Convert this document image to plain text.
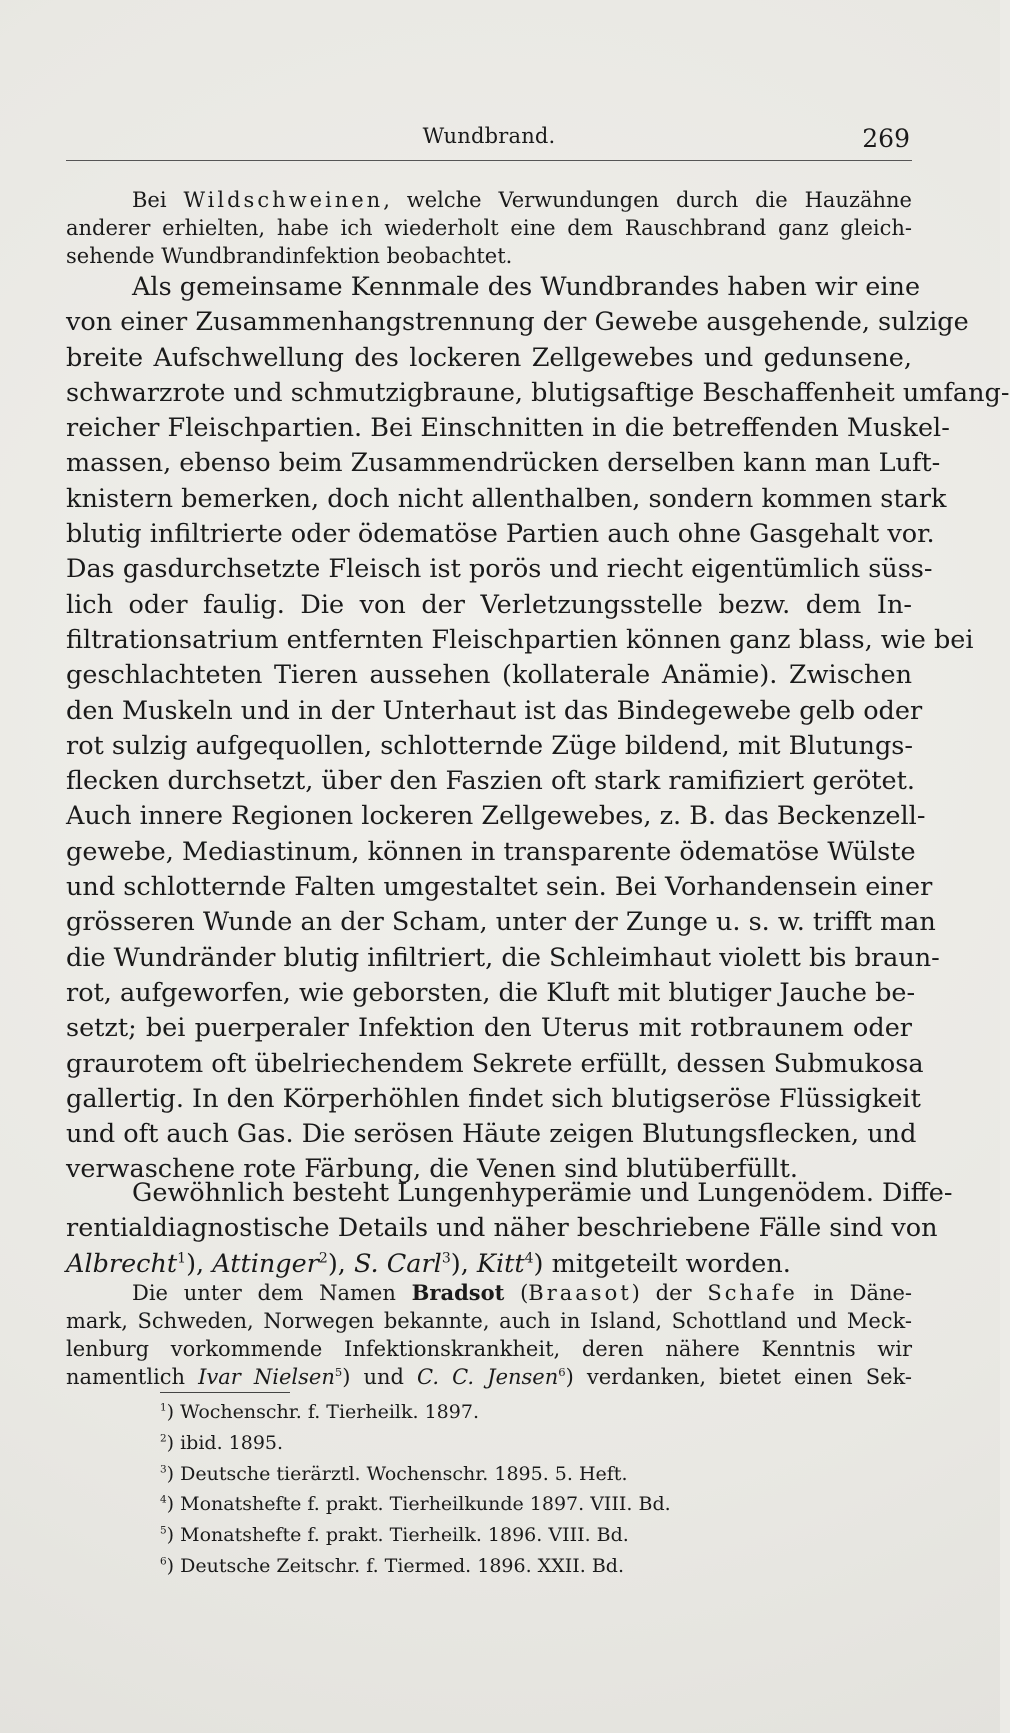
Wundbrand.	269
Bei Wildschweinen, welche Verwundungen durch die Hauzähne
anderer erhielten, habe ich wiederholt eine dem Rauschbrand ganz gleich-
sehende Wundbrandinfektion beobachtet.
Als gemeinsame Kennmale des Wundbrandes haben wir eine
von einer Zusammenhangstrennung der Gewebe ausgehende, sulzige
breite Aufschwellung des lockeren Zellgewebes und gedunsene,
schwarzrote und schmutzigbraune, blutigsaftige Beschaffenheit umfang-
reicher Fleischpartien. Bei Einschnitten in die betreffenden Muskel-
massen, ebenso beim Zusammendrücken derselben kann man Luft-
knistern bemerken, doch nicht allenthalben, sondern kommen stark
blutig infiltrierte oder ödematöse Partien auch ohne Gasgehalt vor.
Das gasdurchsetzte Fleisch ist porös und riecht eigentümlich süss-
lich oder faulig. Die von der Verletzungsstelle bezw. dem In-
filtrationsatrium entfernten Fleischpartien können ganz blass, wie bei
geschlachteten Tieren aussehen (kollaterale Anämie). Zwischen
den Muskeln und in der Unterhaut ist das Bindegewebe gelb oder
rot sulzig aufgequollen, schlotternde Züge bildend, mit Blutungs-
flecken durchsetzt, über den Faszien oft stark ramifiziert gerötet.
Auch innere Regionen lockeren Zellgewebes, z. B. das Beckenzell-
gewebe, Mediastinum, können in transparente ödematöse Wülste
und schlotternde Falten umgestaltet sein. Bei Vorhandensein einer
grösseren Wunde an der Scham, unter der Zunge u. s. w. trifft man
die Wundränder blutig infiltriert, die Schleimhaut violett bis braun-
rot, aufgeworfen, wie geborsten, die Kluft mit blutiger Jauche be-
setzt; bei puerperaler Infektion den Uterus mit rotbraunem oder
graurotem oft übelriechendem Sekrete erfüllt, dessen Submukosa
gallertig. In den Körperhöhlen findet sich blutigseröse Flüssigkeit
und oft auch Gas. Die serösen Häute zeigen Blutungsflecken, und
verwaschene rote Färbung, die Venen sind blutüberfüllt.
Gewöhnlich besteht Lungenhyperämie und Lungenödem. Diffe-
rentialdiagnostische Details und näher beschriebene Fälle sind von
Albrecht$^1$), Attinger$^2$), S. Carl$^3$), Kitt$^4$) mitgeteilt worden.
Die unter dem Namen Bradsot (Braasot) der Schafe in Däne-
mark, Schweden, Norwegen bekannte, auch in Island, Schottland und Meck-
lenburg vorkommende Infektionskrankheit, deren nähere Kenntnis wir
namentlich Ivar Nielsen$^5$) und C. C. Jensen$^6$) verdanken, bietet einen Sek-
$^1$) Wochenschr. f. Tierheilk. 1897.
$^2$) ibid. 1895.
$^3$) Deutsche tierärztl. Wochenschr. 1895. 5. Heft.
$^4$) Monatshefte f. prakt. Tierheilkunde 1897. VIII. Bd.
$^5$) Monatshefte f. prakt. Tierheilk. 1896. VIII. Bd.
$^6$) Deutsche Zeitschr. f. Tiermed. 1896. XXII. Bd.
